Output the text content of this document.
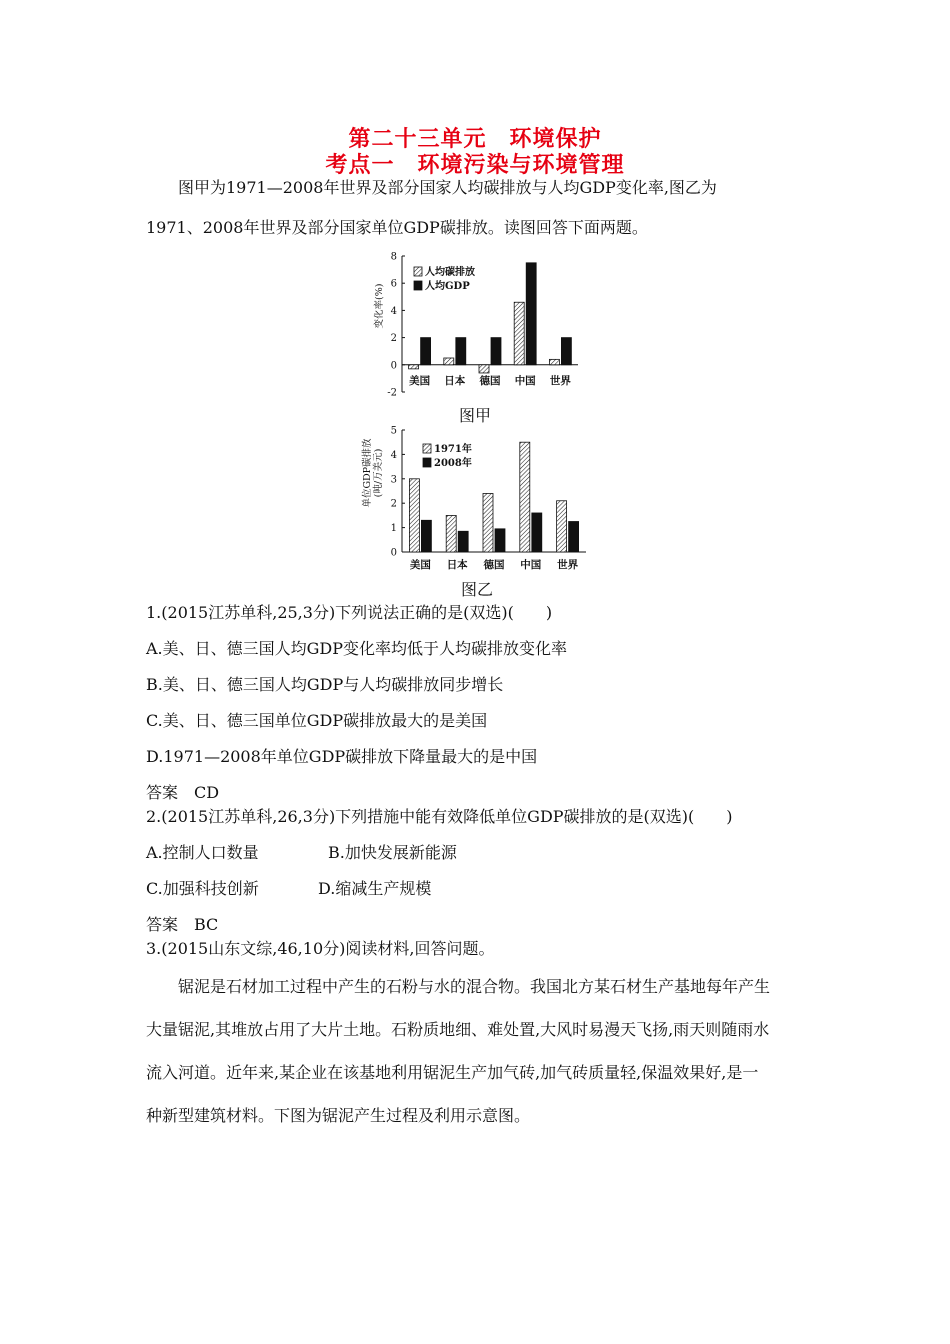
第二十三单元　环境保护
考点一　环境污染与环境管理
图甲为1971—2008年世界及部分国家人均碳排放与人均GDP变化率,图乙为
1971、2008年世界及部分国家单位GDP碳排放。读图回答下面两题。
-2
0
2
4
6
8
变化率(%)
美国 日本 德国 中国 世界
人均碳排放
人均GDP
图甲
0
1
2
3
4
5
单位GDP碳排放 (吨/万美元)
美国 日本 德国 中国 世界
1971年
2008年
图乙
1.(2015江苏单科,25,3分)下列说法正确的是(双选)(　　)
A.美、日、德三国人均GDP变化率均低于人均碳排放变化率
B.美、日、德三国人均GDP与人均碳排放同步增长
C.美、日、德三国单位GDP碳排放最大的是美国
D.1971—2008年单位GDP碳排放下降量最大的是中国
答案　CD
2.(2015江苏单科,26,3分)下列措施中能有效降低单位GDP碳排放的是(双选)(　　)
A.控制人口数量	B.加快发展新能源
C.加强科技创新	D.缩减生产规模
答案　BC
3.(2015山东文综,46,10分)阅读材料,回答问题。
锯泥是石材加工过程中产生的石粉与水的混合物。我国北方某石材生产基地每年产生
大量锯泥,其堆放占用了大片土地。石粉质地细、难处置,大风时易漫天飞扬,雨天则随雨水
流入河道。近年来,某企业在该基地利用锯泥生产加气砖,加气砖质量轻,保温效果好,是一
种新型建筑材料。下图为锯泥产生过程及利用示意图。
